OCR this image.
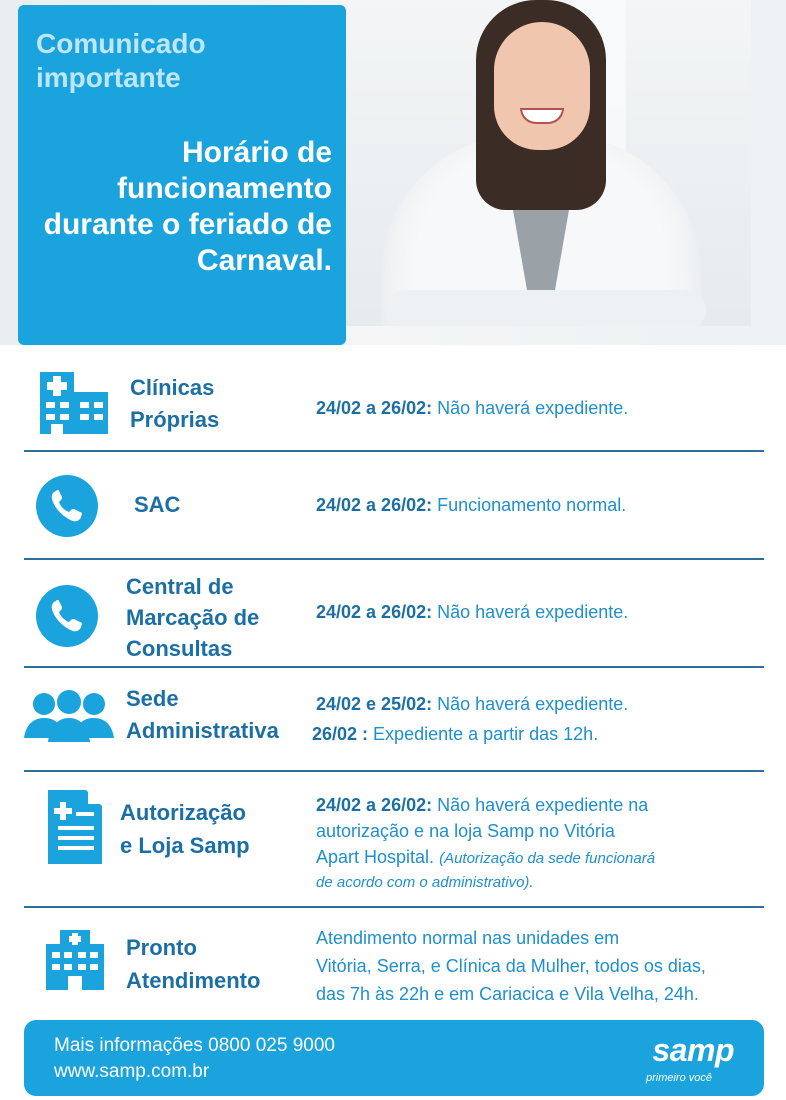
Comunicado importante
Horário de funcionamento durante o feriado de Carnaval.
Clínicas
Próprias	24/02 a 26/02: Não haverá expediente.
SAC	24/02 a 26/02: Funcionamento normal.
Central de
Marcação de
Consultas
24/02 a 26/02: Não haverá expediente.
Sede
Administrativa
24/02 e 25/02: Não haverá expediente.
26/02 : Expediente a partir das 12h.
Autorização
e Loja Samp
24/02 a 26/02: Não haverá expediente na
autorização e na loja Samp no Vitória
Apart Hospital. (Autorização da sede funcionará
de acordo com o administrativo).
Pronto
Atendimento
Atendimento normal nas unidades em
Vitória, Serra, e Clínica da Mulher, todos os dias,
das 7h às 22h e em Cariacica e Vila Velha, 24h.
Mais informações 0800 025 9000
www.samp.com.br
samp
primeiro você
